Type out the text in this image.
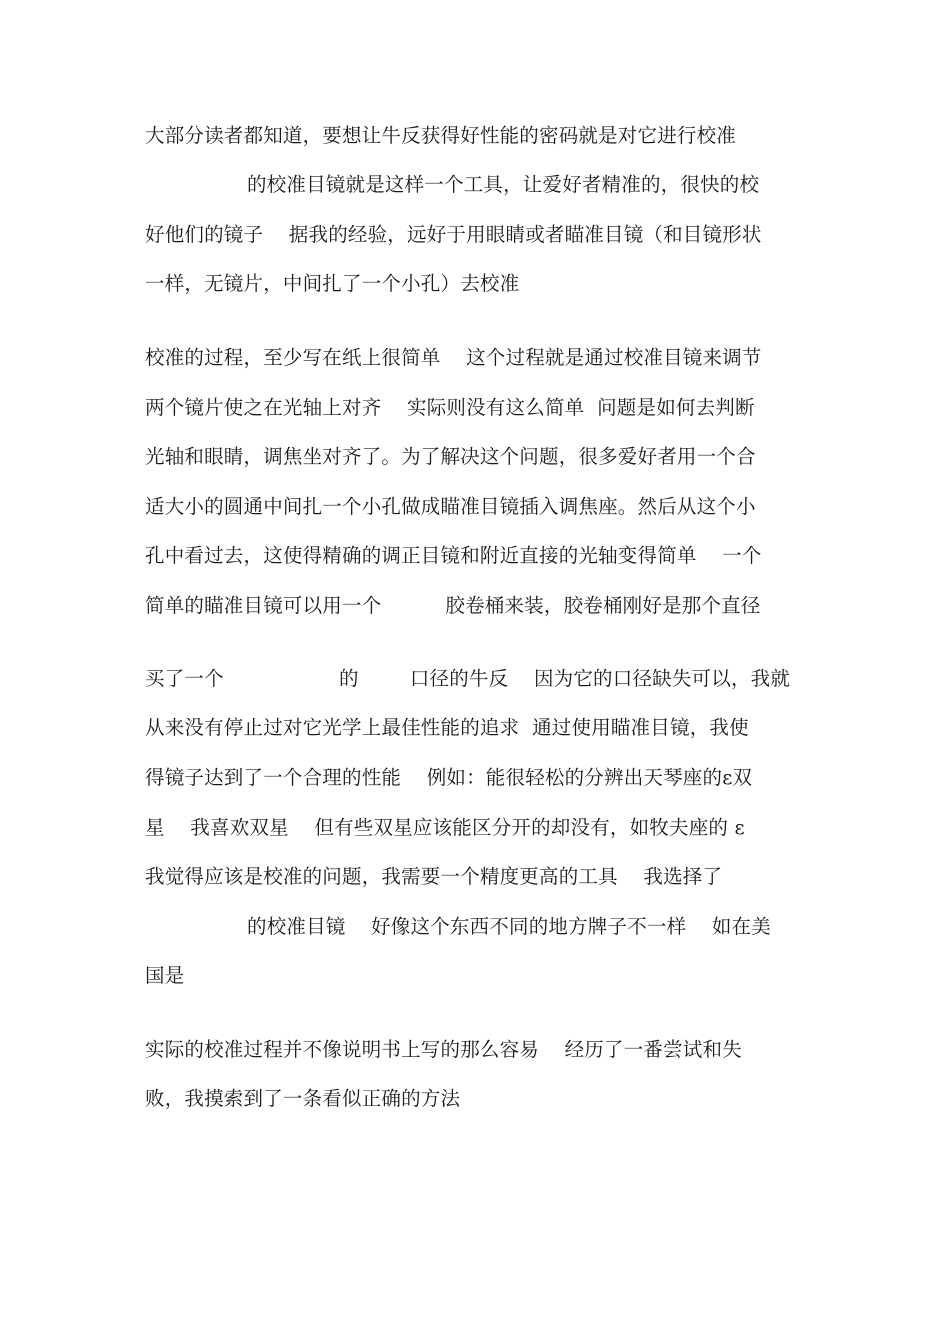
大部分读者都知道，要想让牛反获得好性能的密码就是对它进行校准
的校准目镜就是这样一个工具，让爱好者精准的，很快的校
好他们的镜子    据我的经验，远好于用眼睛或者瞄准目镜（和目镜形状
一样，无镜片，中间扎了一个小孔）去校准
校准的过程，至少写在纸上很简单    这个过程就是通过校准目镜来调节
两个镜片使之在光轴上对齐    实际则没有这么简单  问题是如何去判断
光轴和眼睛，调焦坐对齐了。为了解决这个问题，很多爱好者用一个合
适大小的圆通中间扎一个小孔做成瞄准目镜插入调焦座。然后从这个小
孔中看过去，这使得精确的调正目镜和附近直接的光轴变得简单    一个
简单的瞄准目镜可以用一个          胶卷桶来装，胶卷桶刚好是那个直径
买了一个                  的        口径的牛反    因为它的口径缺失可以，我就
从来没有停止过对它光学上最佳性能的追求  通过使用瞄准目镜，我使
得镜子达到了一个合理的性能    例如：能很轻松的分辨出天琴座的ε双
星    我喜欢双星    但有些双星应该能区分开的却没有，如牧夫座的 ε
我觉得应该是校准的问题，我需要一个精度更高的工具    我选择了
的校准目镜    好像这个东西不同的地方牌子不一样    如在美
国是
实际的校准过程并不像说明书上写的那么容易    经历了一番尝试和失
败，我摸索到了一条看似正确的方法
